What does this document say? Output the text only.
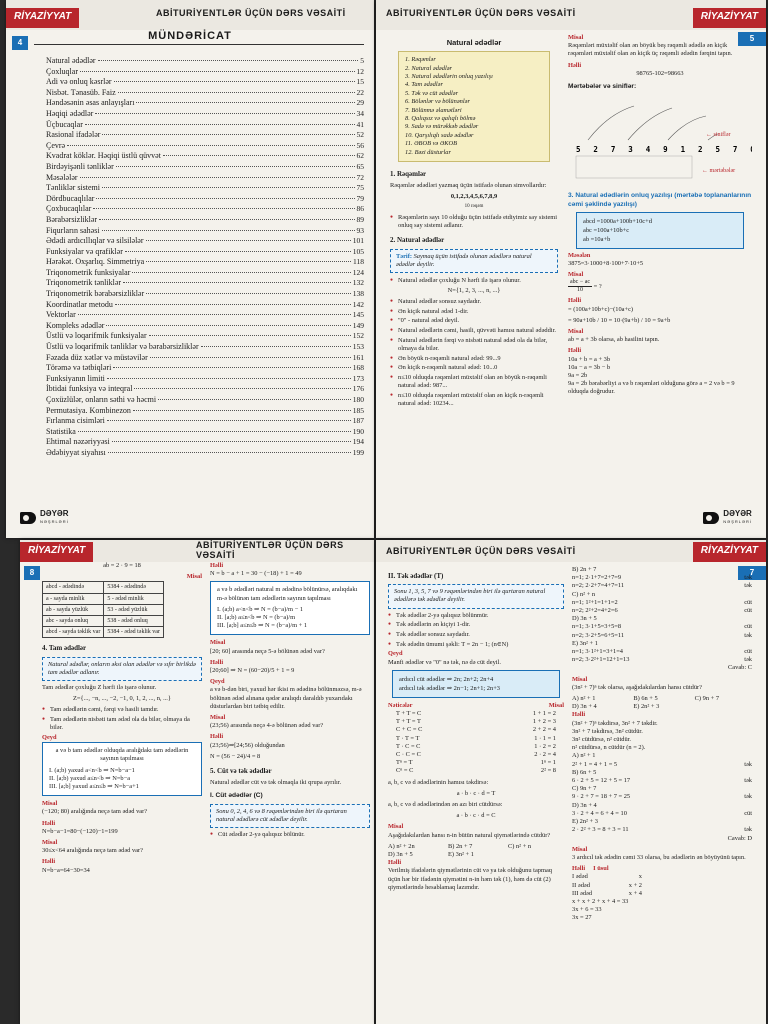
RİYAZİYYAT	ABİTURİYENTLƏR ÜÇÜN DƏRS VƏSAİTİ
4
MÜNDƏRİCAT
Natural ədədlər	5
Çoxluqlar	12
Adi və onluq kəsrlər	15
Nisbət. Tənasüb. Faiz	22
Həndəsənin əsas anlayışları	29
Həqiqi ədədlər	34
Üçbucaqlar	41
Rasional ifadələr	52
Çevrə	56
Kvadrat köklər. Həqiqi üstlü qüvvət	62
Birdəyişənli tənliklər	65
Məsələlər	72
Tənliklər sistemi	75
Dördbucaqlılar	79
Çoxbucaqlılar	86
Bərabərsizliklər	89
Fiqurların sahəsi	93
Ədədi ardıcıllıqlar və silsilələr	101
Funksiyalar və qrafiklər	105
Hərəkət. Oxşarlıq. Simmetriya	118
Triqonometrik funksiyalar	124
Triqonometrik tənliklər	132
Triqonometrik bərabərsizliklər	138
Koordinatlar metodu	142
Vektorlar	145
Kompleks ədədlər	149
Üstlü və loqarifmik funksiyalar	152
Üstlü və loqarifmik tənliklər və bərabərsizliklər	153
Fəzada düz xətlər və müstəvilər	161
Törəmə və tətbiqləri	168
Funksiyanın limiti	173
İbtidai funksiya və inteqral	176
Çoxüzlülər, onların səthi və həcmi	180
Permutasiya. Kombinezon	185
Fırlanma cisimləri	187
Statistika	190
Ehtimal nəzəriyyəsi	194
Ədəbiyyat siyahısı	199
DƏYƏR
NƏŞRLƏRİ
ABİTURİYENTLƏR ÜÇÜN DƏRS VƏSAİTİ	RİYAZİYYAT
5
Natural ədədlər
1. Rəqəmlər
2. Natural ədədlər
3. Natural ədədlərin onluq yazılışı
4. Tam ədədlər
5. Tək və cüt ədədlər
6. Bölənlər və bölünənlər
7. Bölünmə əlamətləri
8. Qalıqsız və qalıqlı bölmə
9. Sadə və mürəkkəb ədədlər
10. Qarşılıqlı sadə ədədlər
11. ƏBOB və ƏKOB
12. Bəzi düsturlar
1. Rəqəmlər

Rəqəmlər ədədləri yazmaq üçün istifadə olunan simvollardır:

0,1,2,3,4,5,6,7,8,9
10 rəqəm

● Rəqəmlərin sayı 10 olduğu üçün istifadə etdiyimiz say sistemi onluq say sistemi adlanır.
2. Natural ədədlər
Tərif: Saymaq üçün istifadə olunan ədədlərə natural ədədlər deyilir.
● Natural ədədlər çoxluğu N hərfi ilə işarə olunur.

N={1, 2, 3, ..., n, ...}

● Natural ədədlər sonsuz saydadır.
● Ən kiçik natural ədəd 1-dir.
● "0" - natural ədəd deyil.
● Natural ədədlərin cəmi, hasili, qüvvəti hamısı natural ədəddir.
● Natural ədədlərin fərqi və nisbəti natural ədəd ola da bilər, olmaya da bilər.
● Ən böyük n-rəqəmli natural ədəd: 99...9
● Ən kiçik n-rəqəmli natural ədəd: 10...0
● n≤10 olduqda rəqəmləri müxtəlif olan ən böyük n-rəqəmli natural ədəd: 987...
● n≤10 olduqda rəqəmləri müxtəlif olan ən kiçik n-rəqəmli natural ədəd: 10234...
Misal

Rəqəmləri müxtəlif olan ən böyük beş rəqəmli ədədlə ən kiçik rəqəmləri müxtəlif olan ən kiçik üç rəqəmli ədədin fərqini tapın.

Həlli

98765-102=98663

Mərtəbələr və siniflər:
5 2 7 3 4 9 1 2 5 7 0
← siniflər
← mərtəbələr
3. Natural ədədlərin onluq yazılışı (mərtəbə toplananlarının cəmi şəklində yazılışı)
abcd =1000a+100b+10c+d
abc =100a+10b+c
ab =10a+b
Məsələn

3875=3·1000+8·100+7·10+5

Misal

$\frac{\text{abc − ac}}{10}$ = ?

Həlli

= (100a+10b+c)−(10a+c)

= 90a+10b / 10 = 10·(9a+b) / 10 = 9a+b

Misal

ab = a + 3b olarsa, ab hasilini tapın.

Həlli
10a + b = a + 3b
10a − a = 3b − b
9a = 2b
9a = 2b bərabərliyi a və b rəqəmləri olduğuna görə a = 2 və b = 9 olduqda doğrudur.
DƏYƏR
NƏŞRLƏRİ
RİYAZİYYAT	ABİTURİYENTLƏR ÜÇÜN DƏRS VƏSAİTİ
8

ab = 2 · 9 = 18

Misal
abcd - ədədində	5384 - ədədində
a - sayda minlik	5 - ədəd minlik
ab - sayda yüzlük	53 - ədəd yüzlük
abc - sayda onluq	538 - ədəd onluq
abcd - sayda təklik var	5384 - ədəd təklik var
4. Tam ədədlər
Natural ədədlər, onların əksi olan ədədlər və sıfır birlikdə tam ədədlər adlanır.

Tam ədədlər çoxluğu Z hərfi ilə işarə olunur.

Z={..., −n, ..., −2, −1, 0, 1, 2, ..., n, ...}

● Tam ədədlərin cəmi, fərqi və hasili tamdır.
● Tam ədədlərin nisbəti tam ədəd ola da bilər, olmaya da bilər.
Qeyd

a və b tam ədədlər olduqda aralığdakı tam ədədlərin sayının tapılması

I. (a;b) yaxud a<n<b ⇒ N=b−a−1
II. [a;b) yaxud a≤n<b ⇒ N=b−a
III. [a;b] yaxud a≤n≤b ⇒ N=b−a+1
Misal

(−120; 80) aralığında neçə tam ədəd var?

Həlli

N=b−a−1=80−(−120)−1=199

Misal

30≤x<64 aralığında neçə tam ədəd var?

Həlli

N=b−a=64−30=34

Həlli

N = b − a + 1 = 30 − (−18) + 1 = 49

a və b ədədləri natural m ədədinə bölünürsə, aralıqdakı m-ə bölünən tam ədədlərin sayının tapılması

I. (a;b) a<n<b ⇒ N = (b−a)/m − 1
II. [a;b) a≤n<b ⇒ N = (b−a)/m
III. [a;b] a≤n≤b ⇒ N = (b−a)/m + 1
Misal

[20; 60] arasında neçə 5-ə bölünən ədəd var?

Həlli

[20;60] ⇒ N = (60−20)/5 + 1 = 9

Qeyd

a və b-dən biri, yaxud hər ikisi m ədədinə bölünməzsə, m-ə bölünən ədəd alınana qədər aralıqdı daraldıb yuxarıdakı düsturlardan biri tətbiq edilir.

Misal

(23;56) arasında neçə 4-ə bölünən ədəd var?

Həlli

(23;56)⇒[24;56) olduğundan

N = (56 − 24)/4 = 8

5. Cüt və tək ədədlər

Natural ədədlər cüt və tək olmaqla iki qrupa ayrılır.

I. Cüt ədədlər (C)
Sonu 0, 2, 4, 6 və 8 rəqəmlərindən biri ilə qurtaran natural ədədlərə cüt ədədlər deyilir.
● Cüt ədədlər 2-yə qalıqsız bölünür.
ABİTURİYENTLƏR ÜÇÜN DƏRS VƏSAİTİ	RİYAZİYYAT
7
II. Tək ədədlər (T)
Sonu 1, 3, 5, 7 və 9 rəqəmlərindən biri ilə qurtaran natural ədədlərə tək ədədlər deyilir.
● Tək ədədlər 2-yə qalıqsız bölünmür.
● Tək ədədlərin ən kiçiyi 1-dir.
● Tək ədədlər sonsuz saydadır.
● Tək ədədin ümumi şəkli: T = 2n − 1; (n∈N)
Qeyd

Manfi ədədlər və "0" nə tək, nə də cüt deyil.

ardıcıl cüt ədədlər ⇒ 2n; 2n+2; 2n+4
ardıcıl tək ədədlər ⇒ 2n−1; 2n+1; 2n+3
Nəticələr	Misal
T + T = C	1 + 1 = 2
T + T = T	1 + 2 = 3
C + C = C	2 + 2 = 4
T · T = T	1 · 1 = 1
T · C = C	1 · 2 = 2
C · C = C	2 · 2 = 4
Tⁿ = T	1ⁿ = 1
Cⁿ = C	2² = 8

a, b, c və d ədədlərinin hamısı təkdirsə:

a · b · c · d = T

a, b, c və d ədədlərindən ən azı biri cütdürsə:

a · b · c · d = C

Misal

Aşağıdakılardan hansı n-in bütün natural qiymətlərində cütdür?

A) n² + 2n	B) 2n + 7	C) n² + n
D) 3n + 5	E) 3n² + 1
Həlli

Verilmiş ifadələrin qiymətlərinin cüt və ya tək olduğunu tapmaq üçün hər bir ifadənin qiymətini n-in həm tək (1), həm də cüt (2) qiymətlərində hesablamaq lazımdır.

B) 2n + 7
n=1; 2·1+7=2+7=9	tək
n=2; 2·2+7=4+7=11	tək
C) n² + n
n=1; 1²+1=1+1=2	cüt
n=2; 2²+2=4+2=6	cüt
D) 3n + 5
n=1; 3·1+5=3+5=8	cüt
n=2; 3·2+5=6+5=11	tək
E) 3n² + 1
n=1; 3·1²+1=3+1=4	cüt
n=2; 3·2²+1=12+1=13	tək

Cavab: C

Misal

(3n² + 7)ⁿ tək olarsa, aşağıdakılardan hansı cütdür?

A) n² + 1	B) 6n + 5	C) 9n + 7
D) 3n + 4	E) 2n² + 3
Həlli
(3n² + 7)ⁿ təkdirsə, 3n² + 7 təkdir.
3n² + 7 təkdirsə, 3n² cütdür.
3n² cütdürsə, n² cütdür.
n² cütdürsə, n cütdür (n = 2).
A) n² + 1
2² + 1 = 4 + 1 = 5	tək
B) 6n + 5
6 · 2 + 5 = 12 + 5 = 17	tək
C) 9n + 7
9 · 2 + 7 = 18 + 7 = 25	tək
D) 3n + 4
3 · 2 + 4 = 6 + 4 = 10	cüt
E) 2n² + 3
2 · 2² + 3 = 8 + 3 = 11	tək

Cavab: D

Misal

3 ardıcıl tək ədədin cəmi 33 olarsa, bu ədədlərin ən böyüyünü tapın.

Həlli I üsul
I ədəd	x
II ədəd	x + 2
III ədəd	x + 4
x + x + 2 + x + 4 = 33
3x + 6 = 33
3x = 27
